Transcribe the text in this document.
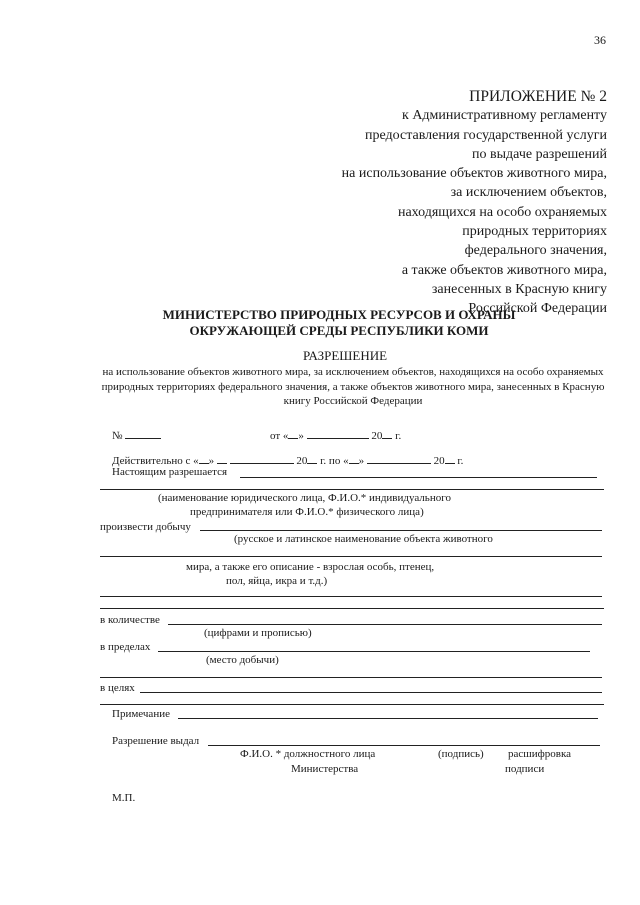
36
ПРИЛОЖЕНИЕ № 2
к Административному регламенту
предоставления государственной услуги
по выдаче разрешений
на использование объектов животного мира,
за исключением объектов,
находящихся на особо охраняемых
природных территориях
федерального значения,
а также объектов животного мира,
занесенных в Красную книгу
Российской Федерации
МИНИСТЕРСТВО ПРИРОДНЫХ РЕСУРСОВ И ОХРАНЫ
ОКРУЖАЮЩЕЙ СРЕДЫ РЕСПУБЛИКИ КОМИ
РАЗРЕШЕНИЕ
на использование объектов животного мира, за исключением объектов, находящихся на особо охраняемых природных территориях федерального значения, а также объектов животного мира, занесенных в Красную книгу Российской Федерации
№	от « »	20 г.
Действительно с « »	20 г. по « »	20 г.
Настоящим разрешается
(наименование юридического лица, Ф.И.О.* индивидуального
предпринимателя или Ф.И.О.* физического лица)
произвести добычу
(русское и латинское наименование объекта животного
мира, а также его описание - взрослая особь, птенец,
пол, яйца, икра и т.д.)
в количестве
(цифрами и прописью)
в пределах
(место добычи)
в целях
Примечание
Разрешение выдал
Ф.И.О. * должностного лица
Министерства
(подпись) расшифровка
подписи
М.П.
